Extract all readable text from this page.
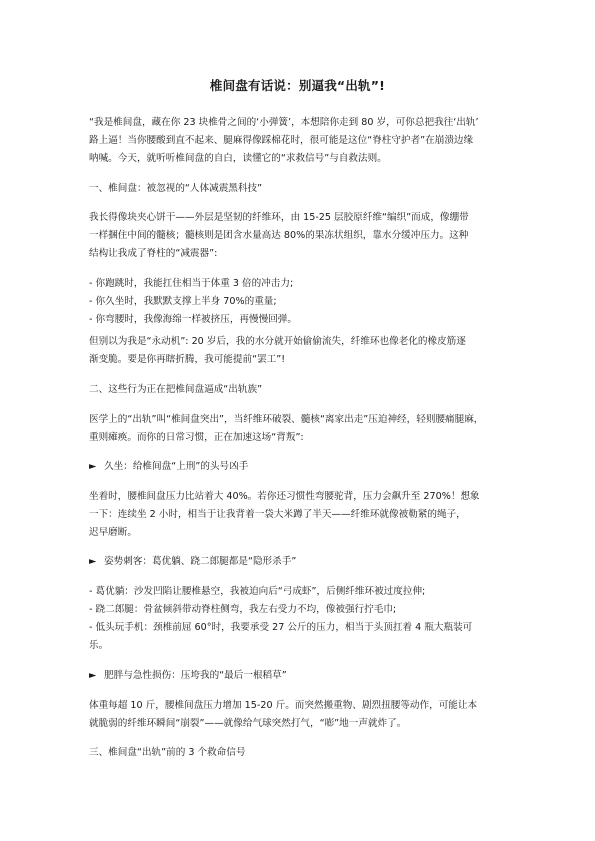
椎间盘有话说：别逼我“出轨”!
“我是椎间盘，藏在你 23 块椎骨之间的‘小弹簧’，本想陪你走到 80 岁，可你总把我往‘出轨’
路上逼！当你腰酸到直不起来、腿麻得像踩棉花时，很可能是这位“脊柱守护者”在崩溃边缘
呐喊。今天，就听听椎间盘的自白，读懂它的“求救信号”与自救法则。
一、椎间盘：被忽视的“人体减震黑科技”
我长得像块夹心饼干——外层是坚韧的纤维环，由 15-25 层胶原纤维“编织”而成，像绷带
一样捆住中间的髓核；髓核则是团含水量高达 80%的果冻状组织，靠水分缓冲压力。这种
结构让我成了脊柱的“减震器”:
- 你跑跳时，我能扛住相当于体重 3 倍的冲击力;
- 你久坐时，我默默支撑上半身 70%的重量;
- 你弯腰时，我像海绵一样被挤压，再慢慢回弹。
但别以为我是“永动机”: 20 岁后，我的水分就开始偷偷流失，纤维环也像老化的橡皮筋逐
渐变脆。要是你再瞎折腾，我可能提前“罢工”!
二、这些行为正在把椎间盘逼成“出轨族”
医学上的“出轨”叫“椎间盘突出”，当纤维环破裂、髓核“离家出走”压迫神经，轻则腰痛腿麻，
重则瘫痪。而你的日常习惯，正在加速这场“背叛”:
► 久坐：给椎间盘“上刑”的头号凶手
坐着时，腰椎间盘压力比站着大 40%。若你还习惯性弯腰驼背，压力会飙升至 270%！想象
一下：连续坐 2 小时，相当于让我背着一袋大米蹲了半天——纤维环就像被勒紧的绳子，
迟早磨断。
► 姿势刺客：葛优躺、跷二郎腿都是“隐形杀手”
- 葛优躺：沙发凹陷让腰椎悬空，我被迫向后“弓成虾”，后侧纤维环被过度拉伸;
- 跷二郎腿：骨盆倾斜带动脊柱侧弯，我左右受力不均，像被强行拧毛巾;
- 低头玩手机：颈椎前屈 60°时，我要承受 27 公斤的压力，相当于头顶扛着 4 瓶大瓶装可
乐。
► 肥胖与急性损伤：压垮我的“最后一根稻草”
体重每超 10 斤，腰椎间盘压力增加 15-20 斤。而突然搬重物、剧烈扭腰等动作，可能让本
就脆弱的纤维环瞬间“崩裂”——就像给气球突然打气，“嘭”地一声就炸了。
三、椎间盘“出轨”前的 3 个救命信号
